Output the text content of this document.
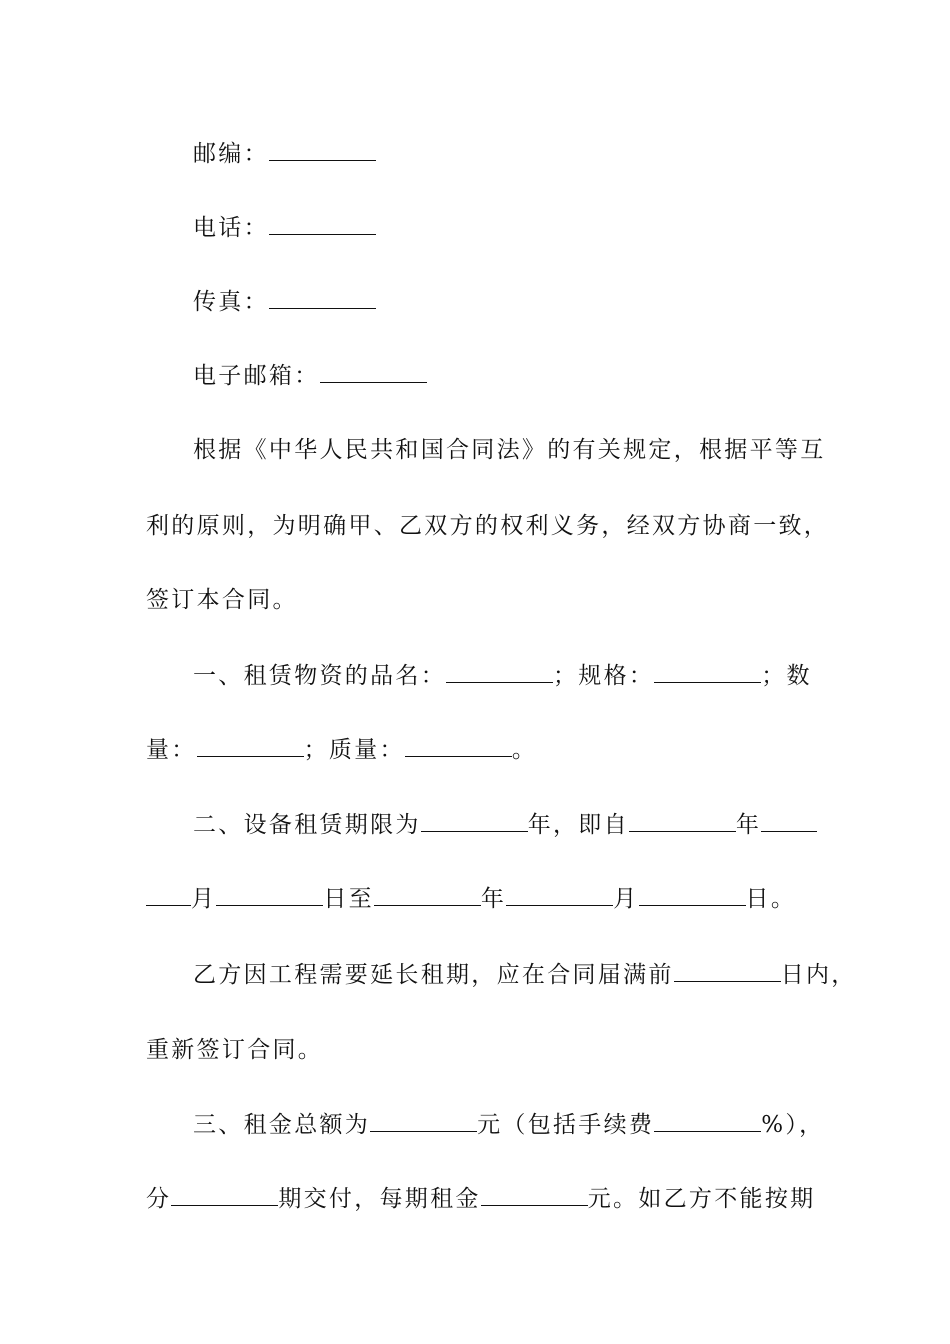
邮编：
电话：
传真：
电子邮箱：
根据《中华人民共和国合同法》的有关规定，根据平等互
利的原则，为明确甲、乙双方的权利义务，经双方协商一致，
签订本合同。
一、租赁物资的品名：	；规格：	；数
量：	；质量：	。
二、设备租赁期限为	年，即自	年
月	日至	年	月	日。
乙方因工程需要延长租期，应在合同届满前	日内，
重新签订合同。
三、租金总额为	元（包括手续费	%），
分	期交付，每期租金	元。如乙方不能按期
